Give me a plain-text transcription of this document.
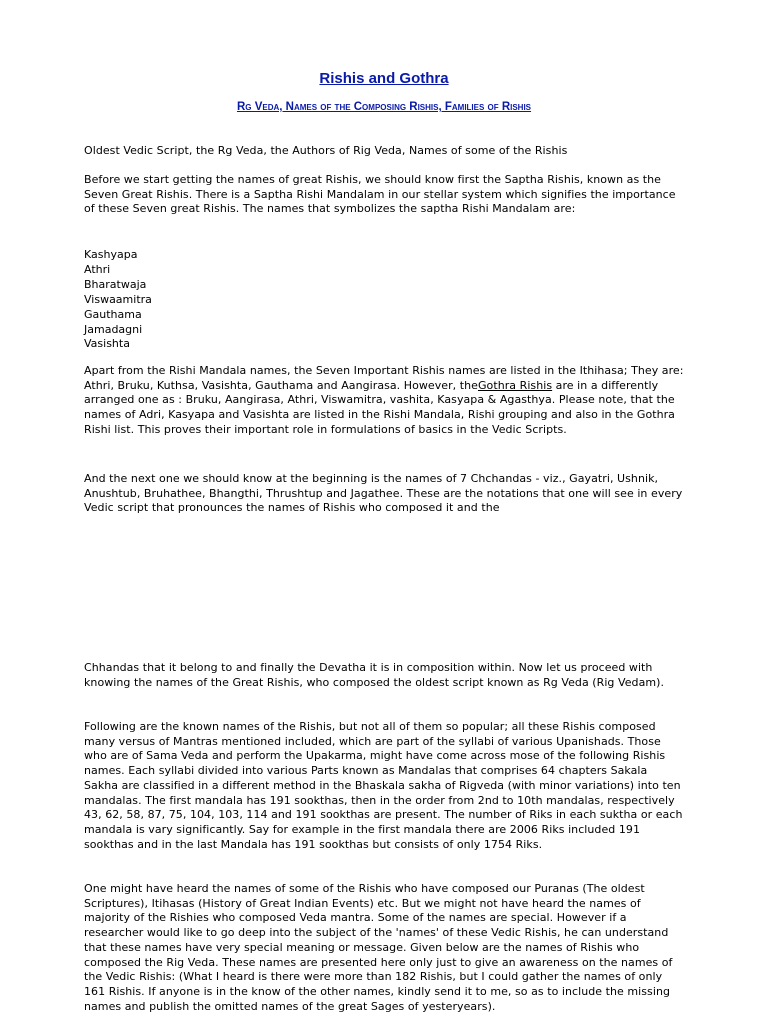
Rishis and Gothra
Rg Veda, Names of the Composing Rishis, Families of Rishis

Oldest Vedic Script, the Rg Veda, the Authors of Rig Veda, Names of some of the Rishis

Before we start getting the names of great Rishis, we should know first the Saptha Rishis, known as the Seven Great Rishis. There is a Saptha Rishi Mandalam in our stellar system which signifies the importance of these Seven great Rishis. The names that symbolizes the saptha Rishi Mandalam are:

Kashyapa
Athri
Bharatwaja
Viswaamitra
Gauthama
Jamadagni
Vasishta

Apart from the Rishi Mandala names, the Seven Important Rishis names are listed in the Ithihasa; They are: Athri, Bruku, Kuthsa, Vasishta, Gauthama and Aangirasa. However, theGothra Rishis are in a differently arranged one as : Bruku, Aangirasa, Athri, Viswamitra, vashita, Kasyapa & Agasthya. Please note, that the names of Adri, Kasyapa and Vasishta are listed in the Rishi Mandala, Rishi grouping and also in the Gothra Rishi list. This proves their important role in formulations of basics in the Vedic Scripts.

And the next one we should know at the beginning is the names of 7 Chchandas - viz., Gayatri, Ushnik, Anushtub, Bruhathee, Bhangthi, Thrushtup and Jagathee. These are the notations that one will see in every Vedic script that pronounces the names of Rishis who composed it and the

Chhandas that it belong to and finally the Devatha it is in composition within. Now let us proceed with knowing the names of the Great Rishis, who composed the oldest script known as Rg Veda (Rig Vedam).

Following are the known names of the Rishis, but not all of them so popular; all these Rishis composed many versus of Mantras mentioned included, which are part of the syllabi of various Upanishads. Those who are of Sama Veda and perform the Upakarma, might have come across mose of the following Rishis names. Each syllabi divided into various Parts known as Mandalas that comprises 64 chapters Sakala Sakha are classified in a different method in the Bhaskala sakha of Rigveda (with minor variations) into ten mandalas. The first mandala has 191 sookthas, then in the order from 2nd to 10th mandalas, respectively 43, 62, 58, 87, 75, 104, 103, 114 and 191 sookthas are present. The number of Riks in each suktha or each mandala is vary significantly. Say for example in the first mandala there are 2006 Riks included 191 sookthas and in the last Mandala has 191 sookthas but consists of only 1754 Riks.

One might have heard the names of some of the Rishis who have composed our Puranas (The oldest Scriptures), Itihasas (History of Great Indian Events) etc. But we might not have heard the names of majority of the Rishies who composed Veda mantra. Some of the names are special. However if a researcher would like to go deep into the subject of the 'names' of these Vedic Rishis, he can understand that these names have very special meaning or message. Given below are the names of Rishis who composed the Rig Veda. These names are presented here only just to give an awareness on the names of the Vedic Rishis: (What I heard is there were more than 182 Rishis, but I could gather the names of only 161 Rishis. If anyone is in the know of the other names, kindly send it to me, so as to include the missing names and publish the omitted names of the great Sages of yesteryears).
